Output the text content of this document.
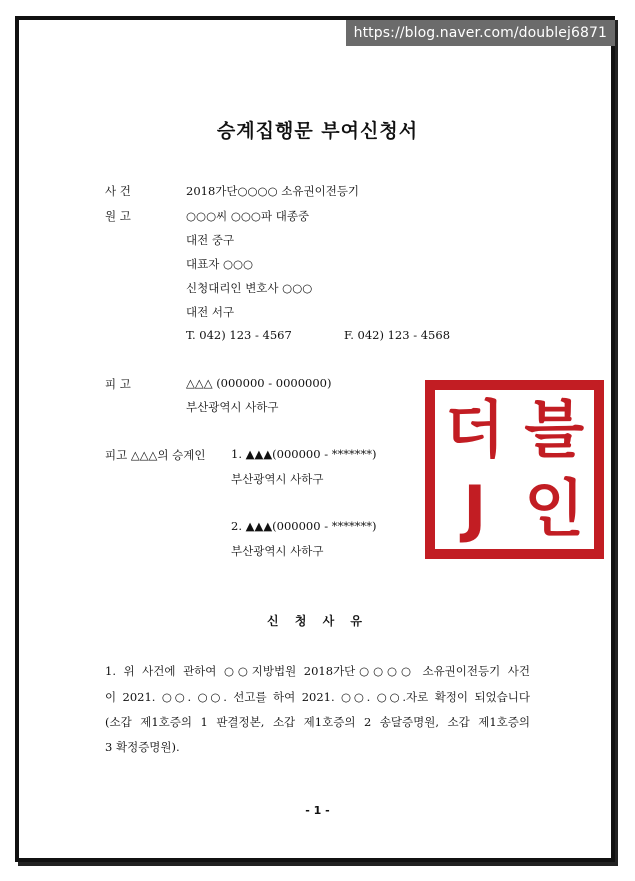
https://blog.naver.com/doublej6871
승계집행문 부여신청서
사 건	2018가단○○○○ 소유권이전등기
원 고	○○○씨 ○○○파 대종중
대전 중구
대표자 ○○○
신청대리인 변호사 ○○○
대전 서구
T. 042) 123 - 4567	F. 042) 123 - 4568
피 고	△△△ (000000 - 0000000)
부산광역시 사하구
피고 △△△의 승계인 1. ▲▲▲(000000 - *******)
부산광역시 사하구
2. ▲▲▲(000000 - *******)
부산광역시 사하구
더 블
J 인
신 청 사 유
1. 위 사건에 관하여 ○○지방법원 2018가단○○○○ 소유권이전등기 사건
이 2021. ○○. ○○. 선고를 하여 2021. ○○. ○○.자로 확정이 되었습니다
(소갑 제1호증의 1 판결정본, 소갑 제1호증의 2 송달증명원, 소갑 제1호증의
3 확정증명원).
- 1 -
